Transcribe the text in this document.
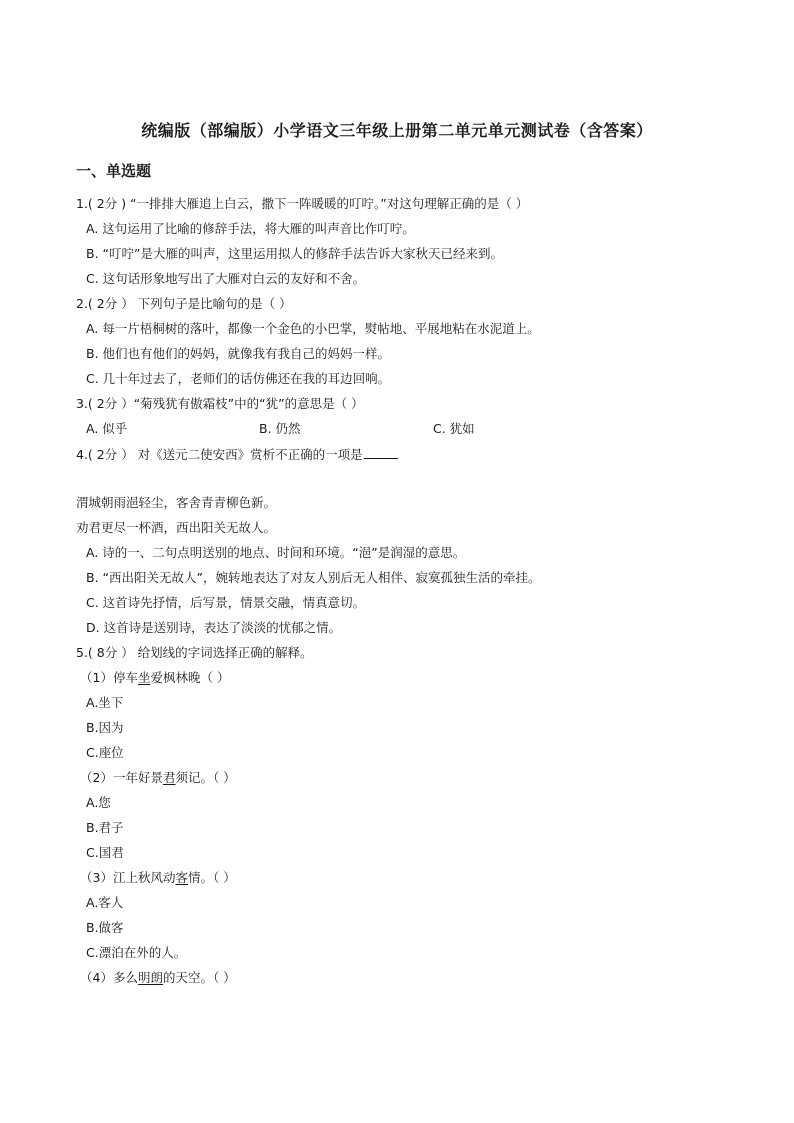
统编版（部编版）小学语文三年级上册第二单元单元测试卷（含答案）
一、单选题
1.( 2分 ) “一排排大雁追上白云，撒下一阵暖暖的叮咛。”对这句理解正确的是（ ）
A. 这句运用了比喻的修辞手法，将大雁的叫声音比作叮咛。
B. “叮咛”是大雁的叫声，这里运用拟人的修辞手法告诉大家秋天已经来到。
C. 这句话形象地写出了大雁对白云的友好和不舍。
2.( 2分 ） 下列句子是比喻句的是（ ）
A. 每一片梧桐树的落叶，都像一个金色的小巴掌，熨帖地、平展地粘在水泥道上。
B. 他们也有他们的妈妈，就像我有我自己的妈妈一样。
C. 几十年过去了，老师们的话仿佛还在我的耳边回响。
3.( 2分 ）“菊残犹有傲霜枝”中的“犹”的意思是（ ）
A. 似乎	B. 仍然	C. 犹如
4.( 2分 ） 对《送元二使安西》赏析不正确的一项是
渭城朝雨浥轻尘，客舍青青柳色新。
劝君更尽一杯酒，西出阳关无故人。
A. 诗的一、二句点明送别的地点、时间和环境。“浥”是润湿的意思。
B. “西出阳关无故人”，婉转地表达了对友人别后无人相伴、寂寞孤独生活的牵挂。
C. 这首诗先抒情，后写景，情景交融，情真意切。
D. 这首诗是送别诗，表达了淡淡的忧郁之情。
5.( 8分 ） 给划线的字词选择正确的解释。
（1）停车坐爱枫林晚（ ）
A.坐下
B.因为
C.座位
（2）一年好景君须记。（ ）
A.您
B.君子
C.国君
（3）江上秋风动客情。（ ）
A.客人
B.做客
C.漂泊在外的人。
（4）多么明朗的天空。（ ）
